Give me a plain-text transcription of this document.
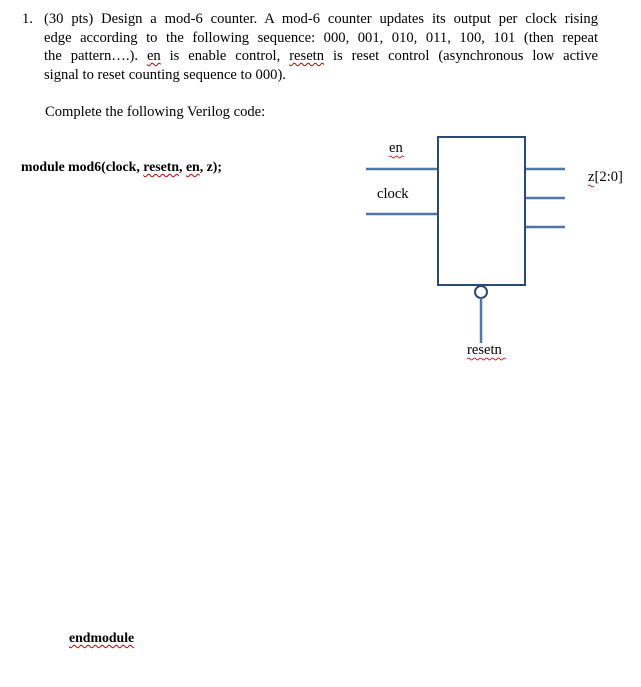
1. (30 pts) Design a mod-6 counter. A mod-6 counter updates its output per clock rising
edge according to the following sequence: 000, 001, 010, 011, 100, 101 (then repeat
the pattern….). en is enable control, resetn is reset control (asynchronous low active
signal to reset counting sequence to 000).
Complete the following Verilog code:
module mod6(clock, resetn, en, z);
endmodule
en
clock
z[2:0]
resetn
